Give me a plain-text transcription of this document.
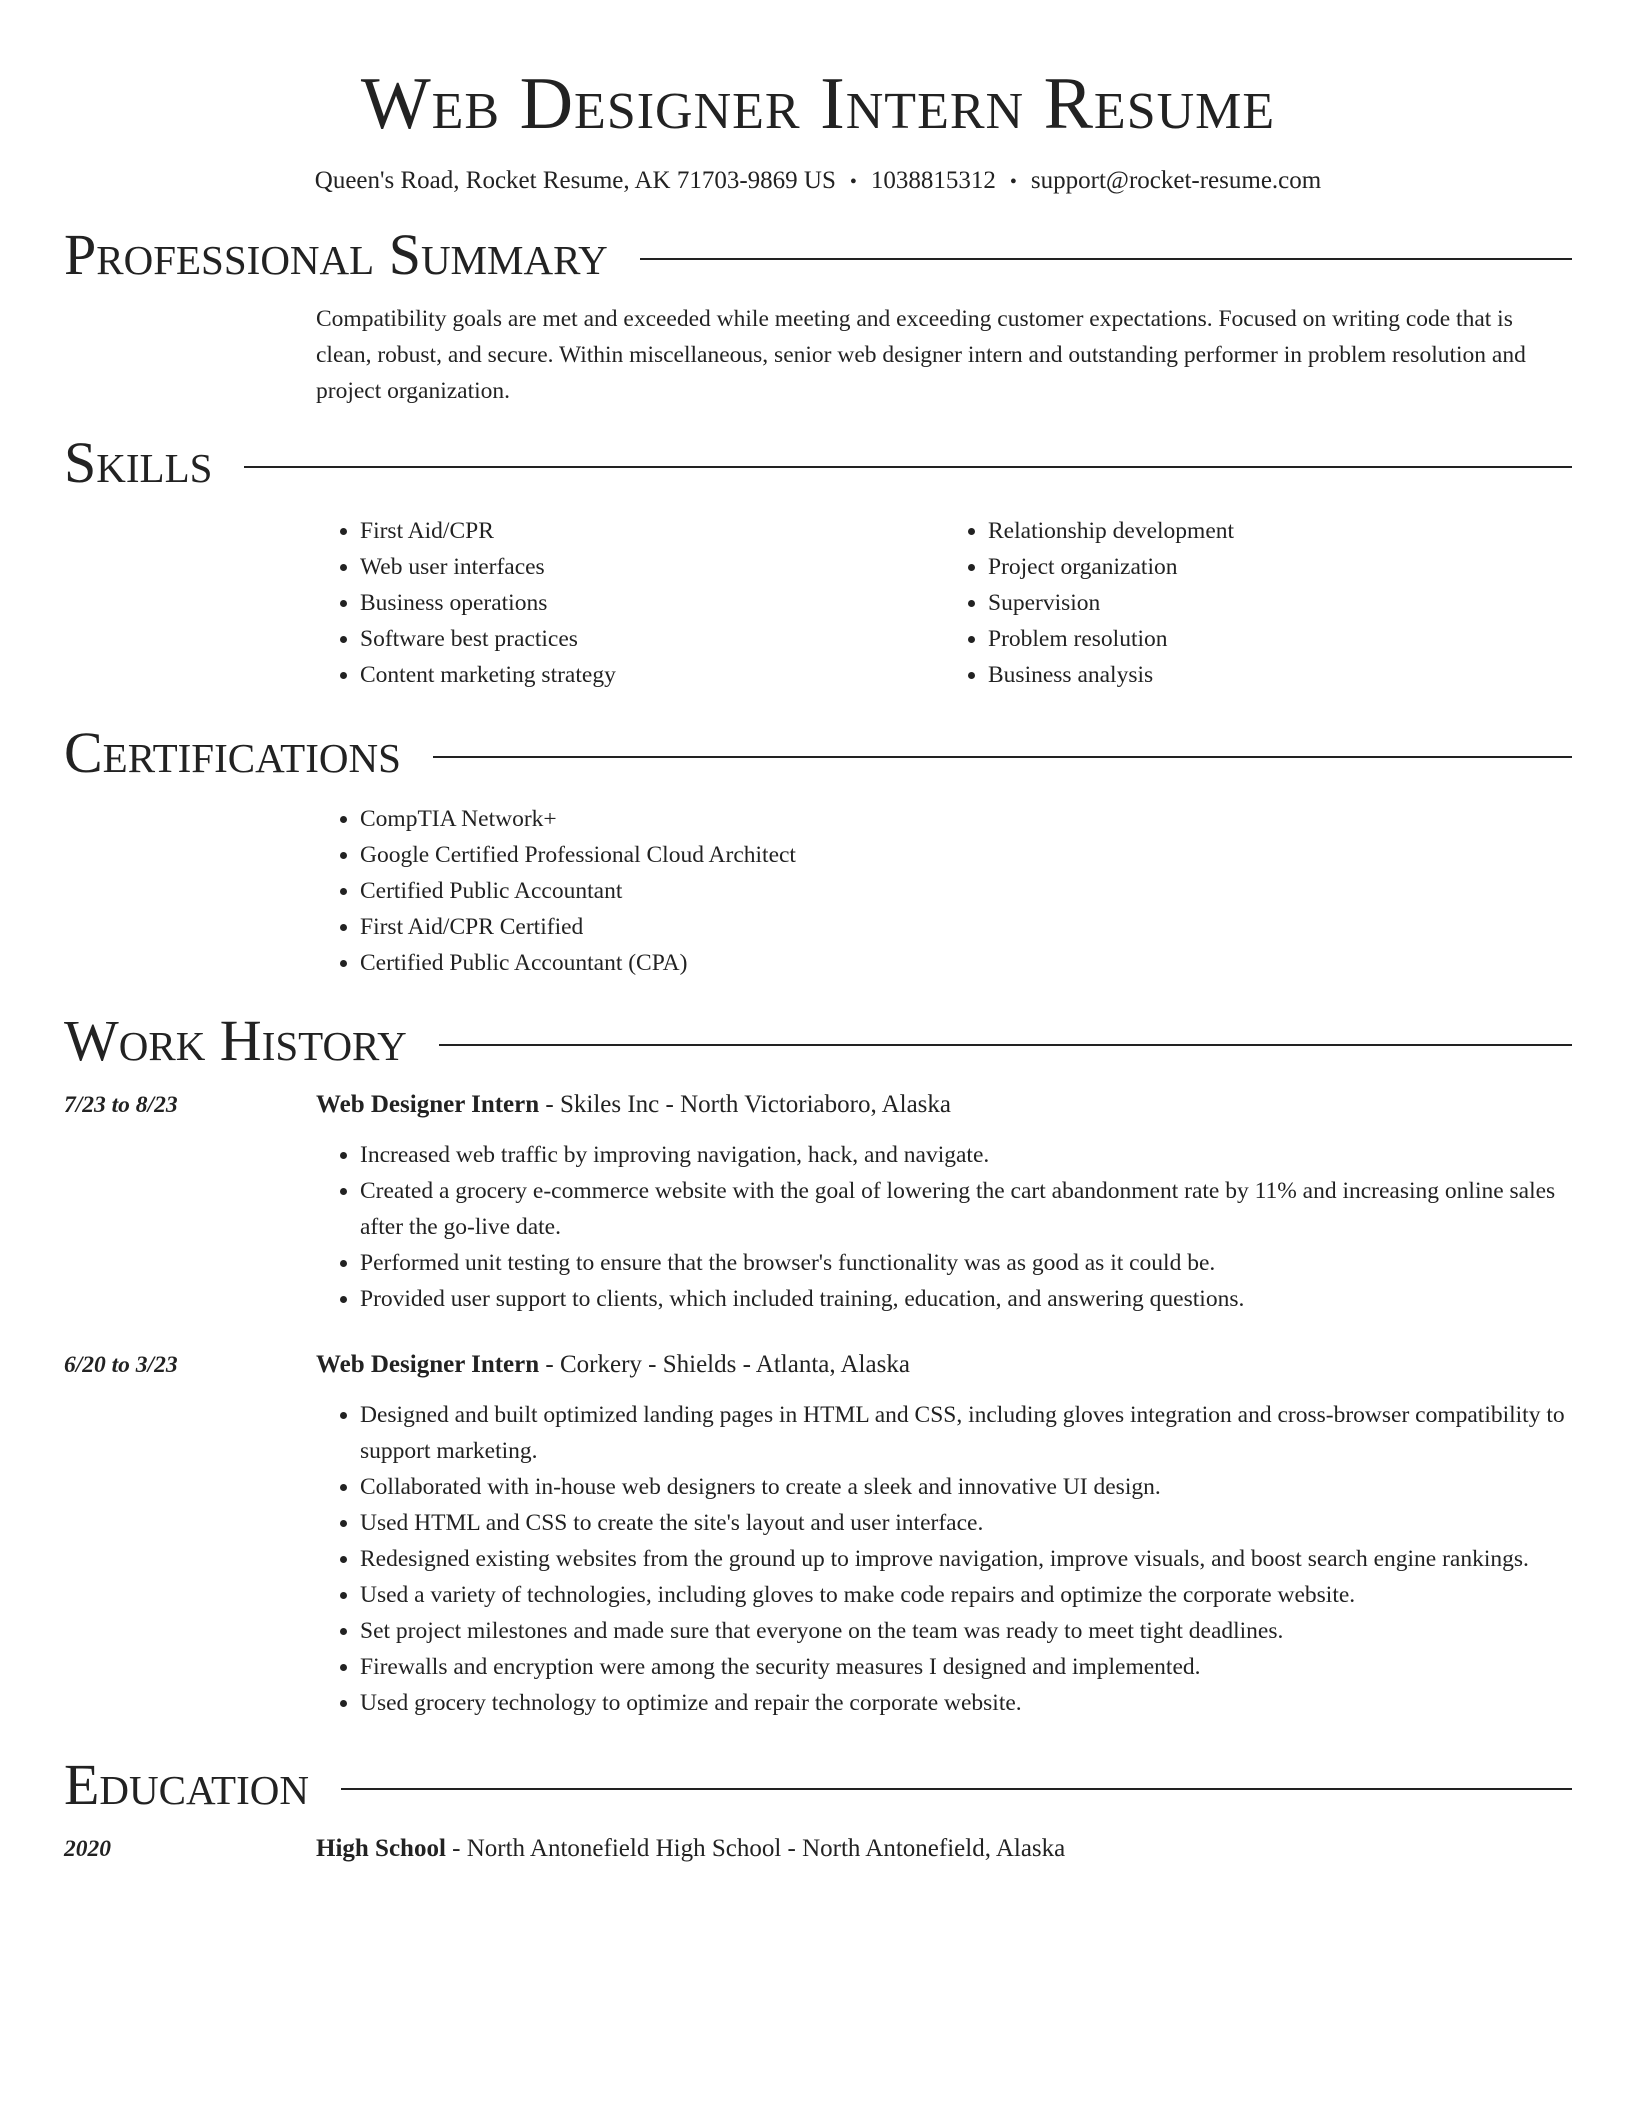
Web Designer Intern Resume
Queen's Road, Rocket Resume, AK 71703-9869 US • 1038815312 • support@rocket-resume.com
Professional Summary

Compatibility goals are met and exceeded while meeting and exceeding customer expectations. Focused on writing code that is clean, robust, and secure. Within miscellaneous, senior web designer intern and outstanding performer in problem resolution and project organization.

Skills
• First Aid/CPR
• Web user interfaces
• Business operations
• Software best practices
• Content marketing strategy
• Relationship development
• Project organization
• Supervision
• Problem resolution
• Business analysis
Certifications
• CompTIA Network+
• Google Certified Professional Cloud Architect
• Certified Public Accountant
• First Aid/CPR Certified
• Certified Public Accountant (CPA)
Work History
7/23 to 8/23	Web Designer Intern - Skiles Inc - North Victoriaboro, Alaska
• Increased web traffic by improving navigation, hack, and navigate.
• Created a grocery e-commerce website with the goal of lowering the cart abandonment rate by 11% and increasing online sales after the go-live date.
• Performed unit testing to ensure that the browser's functionality was as good as it could be.
• Provided user support to clients, which included training, education, and answering questions.
6/20 to 3/23	Web Designer Intern - Corkery - Shields - Atlanta, Alaska
• Designed and built optimized landing pages in HTML and CSS, including gloves integration and cross-browser compatibility to support marketing.
• Collaborated with in-house web designers to create a sleek and innovative UI design.
• Used HTML and CSS to create the site's layout and user interface.
• Redesigned existing websites from the ground up to improve navigation, improve visuals, and boost search engine rankings.
• Used a variety of technologies, including gloves to make code repairs and optimize the corporate website.
• Set project milestones and made sure that everyone on the team was ready to meet tight deadlines.
• Firewalls and encryption were among the security measures I designed and implemented.
• Used grocery technology to optimize and repair the corporate website.
Education
2020	High School - North Antonefield High School - North Antonefield, Alaska
